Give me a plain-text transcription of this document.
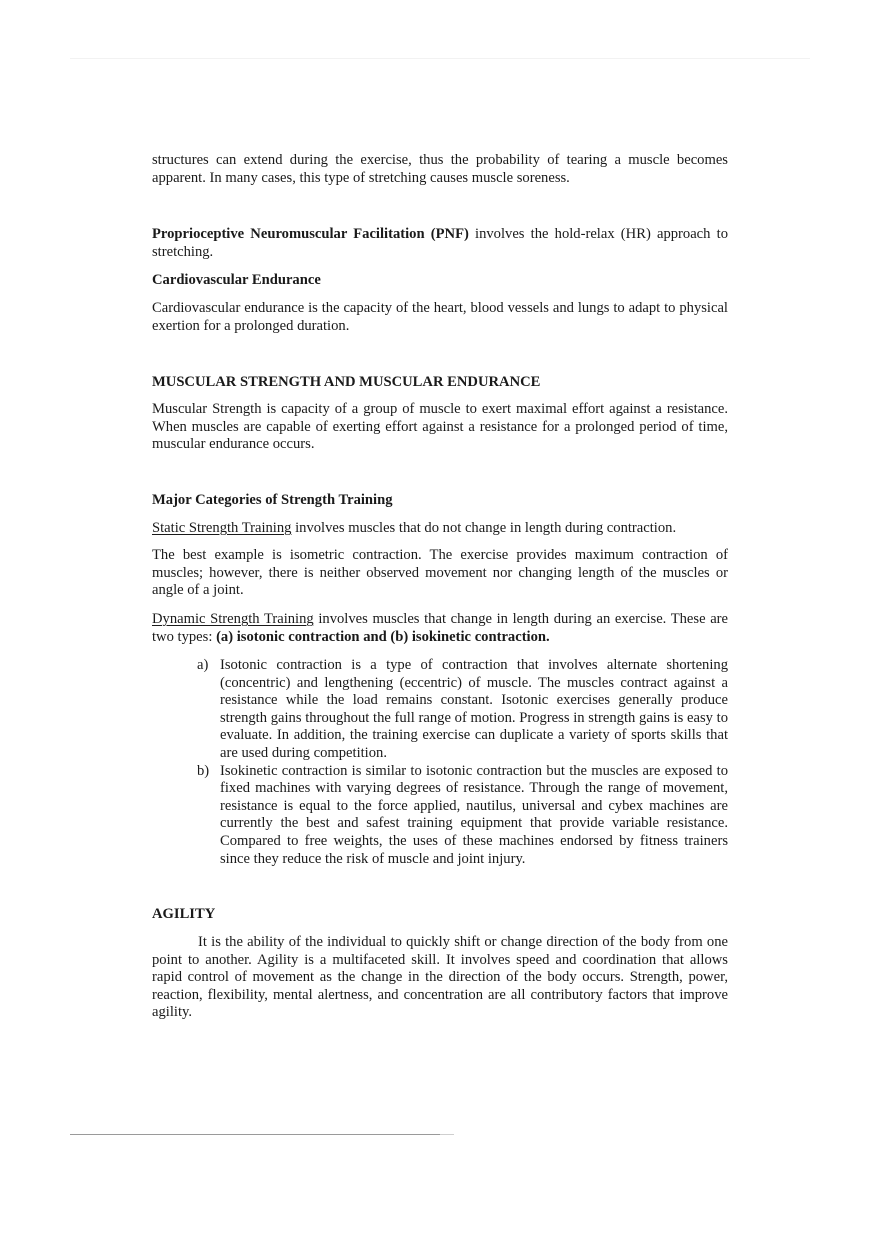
structures can extend during the exercise, thus the probability of tearing a muscle becomes apparent. In many cases, this type of stretching causes muscle soreness.

Proprioceptive Neuromuscular Facilitation (PNF) involves the hold-relax (HR) approach to stretching.

Cardiovascular Endurance

Cardiovascular endurance is the capacity of the heart, blood vessels and lungs to adapt to physical exertion for a prolonged duration.

MUSCULAR STRENGTH AND MUSCULAR ENDURANCE

Muscular Strength is capacity of a group of muscle to exert maximal effort against a resistance. When muscles are capable of exerting effort against a resistance for a prolonged period of time, muscular endurance occurs.

Major Categories of Strength Training

Static Strength Training involves muscles that do not change in length during contraction.

The best example is isometric contraction. The exercise provides maximum contraction of muscles; however, there is neither observed movement nor changing length of the muscles or angle of a joint.

Dynamic Strength Training involves muscles that change in length during an exercise. These are two types: (a) isotonic contraction and (b) isokinetic contraction.

a) Isotonic contraction is a type of contraction that involves alternate shortening (concentric) and lengthening (eccentric) of muscle. The muscles contract against a resistance while the load remains constant. Isotonic exercises generally produce strength gains throughout the full range of motion. Progress in strength gains is easy to evaluate. In addition, the training exercise can duplicate a variety of sports skills that are used during competition.

b) Isokinetic contraction is similar to isotonic contraction but the muscles are exposed to fixed machines with varying degrees of resistance. Through the range of movement, resistance is equal to the force applied, nautilus, universal and cybex machines are currently the best and safest training equipment that provide variable resistance. Compared to free weights, the uses of these machines endorsed by fitness trainers since they reduce the risk of muscle and joint injury.

AGILITY

It is the ability of the individual to quickly shift or change direction of the body from one point to another. Agility is a multifaceted skill. It involves speed and coordination that allows rapid control of movement as the change in the direction of the body occurs. Strength, power, reaction, flexibility, mental alertness, and concentration are all contributory factors that improve agility.
